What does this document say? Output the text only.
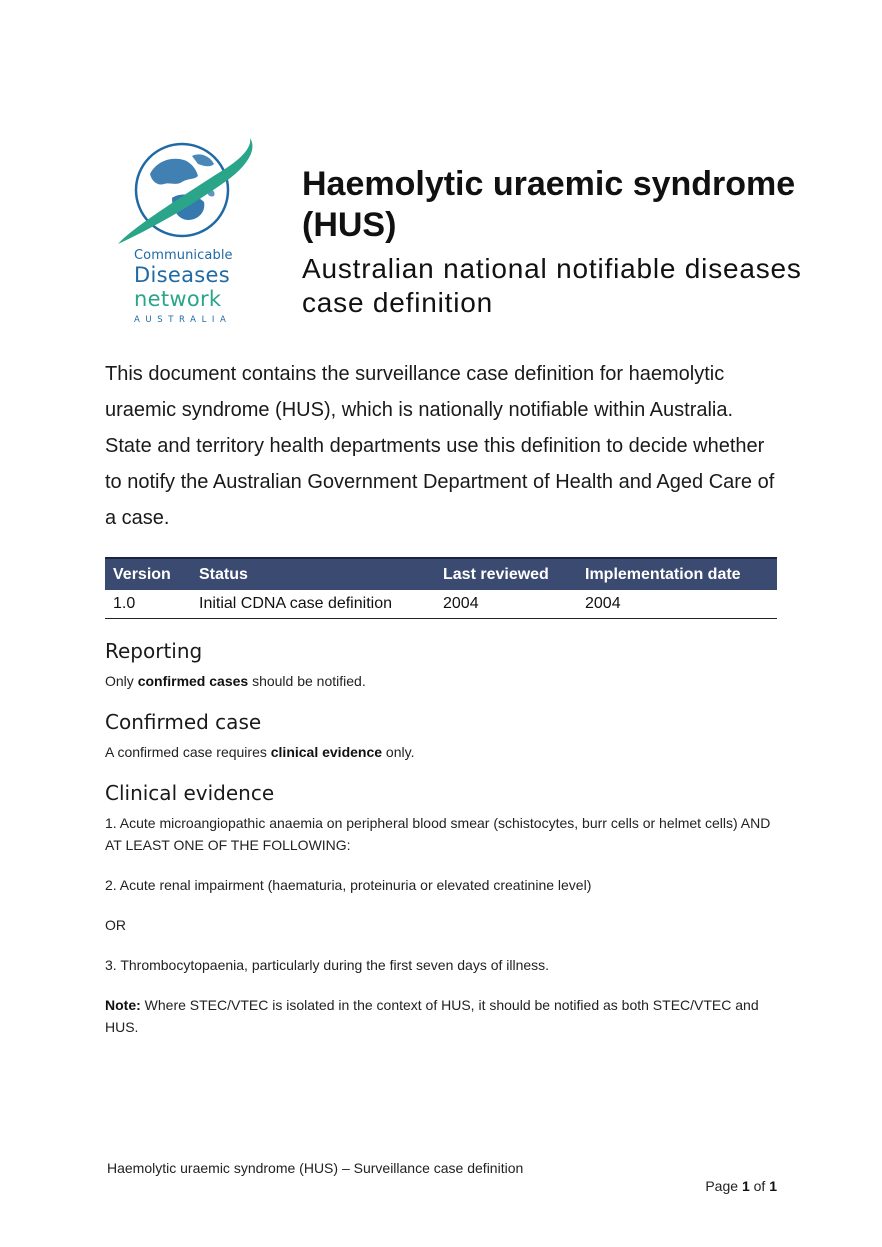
Communicable
Diseases
network
AUSTRALIA
Haemolytic uraemic syndrome (HUS)
Australian national notifiable diseases case definition

This document contains the surveillance case definition for haemolytic uraemic syndrome (HUS), which is nationally notifiable within Australia. State and territory health departments use this definition to decide whether to notify the Australian Government Department of Health and Aged Care of a case.

Version	Status	Last reviewed	Implementation date
1.0	Initial CDNA case definition	2004	2004
Reporting

Only confirmed cases should be notified.

Confirmed case

A confirmed case requires clinical evidence only.

Clinical evidence

1. Acute microangiopathic anaemia on peripheral blood smear (schistocytes, burr cells or helmet cells) AND AT LEAST ONE OF THE FOLLOWING:

2. Acute renal impairment (haematuria, proteinuria or elevated creatinine level)

OR

3. Thrombocytopaenia, particularly during the first seven days of illness.

Note: Where STEC/VTEC is isolated in the context of HUS, it should be notified as both STEC/VTEC and HUS.

Haemolytic uraemic syndrome (HUS) – Surveillance case definition
Page 1 of 1
